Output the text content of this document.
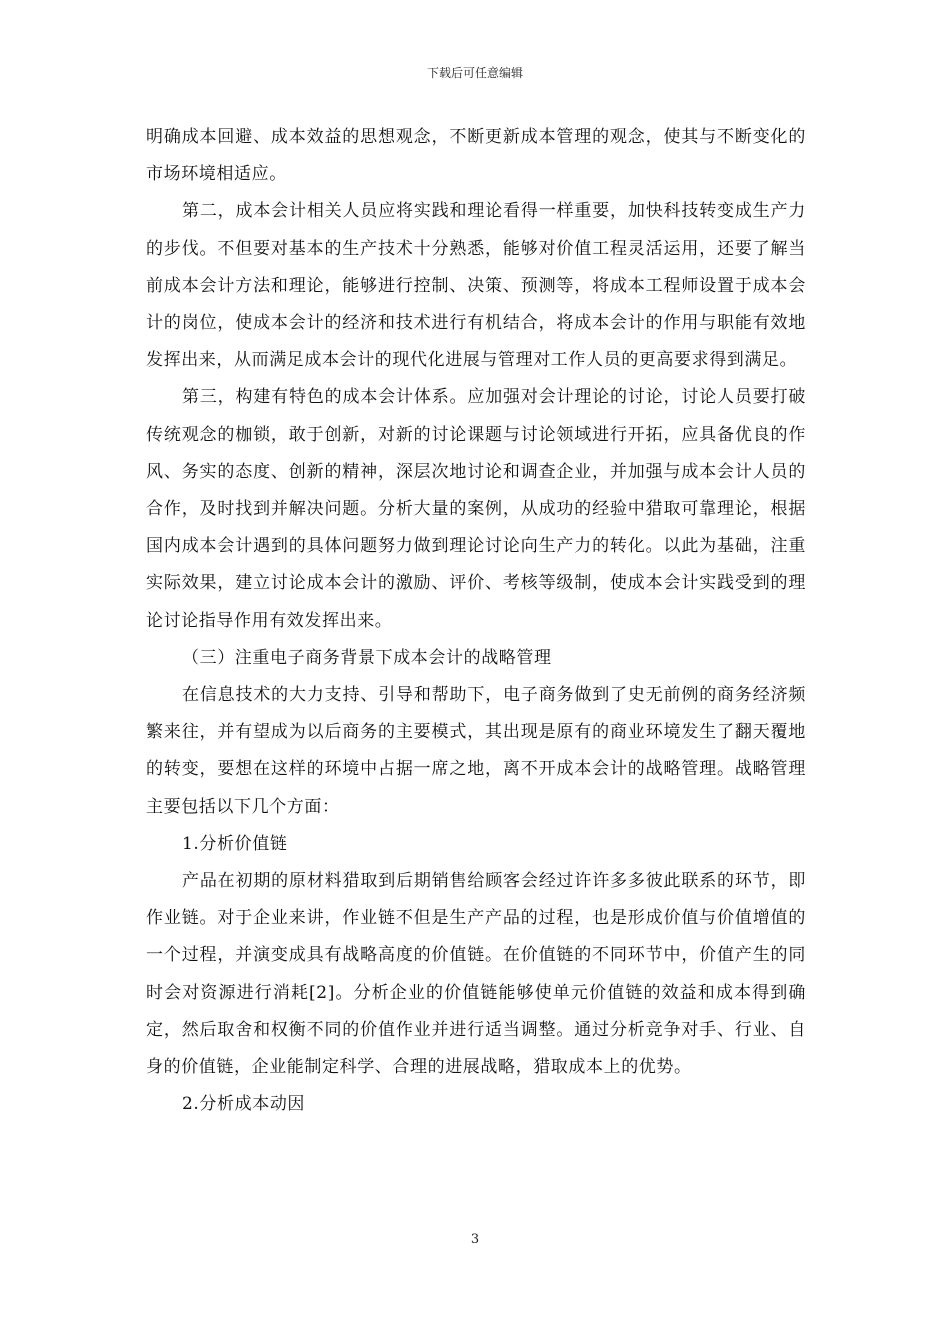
下载后可任意编辑

明确成本回避、成本效益的思想观念，不断更新成本管理的观念，使其与不断变化的市场环境相适应。

第二，成本会计相关人员应将实践和理论看得一样重要，加快科技转变成生产力的步伐。不但要对基本的生产技术十分熟悉，能够对价值工程灵活运用，还要了解当前成本会计方法和理论，能够进行控制、决策、预测等，将成本工程师设置于成本会计的岗位，使成本会计的经济和技术进行有机结合，将成本会计的作用与职能有效地发挥出来，从而满足成本会计的现代化进展与管理对工作人员的更高要求得到满足。

第三，构建有特色的成本会计体系。应加强对会计理论的讨论，讨论人员要打破传统观念的枷锁，敢于创新，对新的讨论课题与讨论领域进行开拓，应具备优良的作风、务实的态度、创新的精神，深层次地讨论和调查企业，并加强与成本会计人员的合作，及时找到并解决问题。分析大量的案例，从成功的经验中猎取可靠理论，根据国内成本会计遇到的具体问题努力做到理论讨论向生产力的转化。以此为基础，注重实际效果，建立讨论成本会计的激励、评价、考核等级制，使成本会计实践受到的理论讨论指导作用有效发挥出来。

（三）注重电子商务背景下成本会计的战略管理

在信息技术的大力支持、引导和帮助下，电子商务做到了史无前例的商务经济频繁来往，并有望成为以后商务的主要模式，其出现是原有的商业环境发生了翻天覆地的转变，要想在这样的环境中占据一席之地，离不开成本会计的战略管理。战略管理主要包括以下几个方面：

1.分析价值链

产品在初期的原材料猎取到后期销售给顾客会经过许许多多彼此联系的环节，即作业链。对于企业来讲，作业链不但是生产产品的过程，也是形成价值与价值增值的一个过程，并演变成具有战略高度的价值链。在价值链的不同环节中，价值产生的同时会对资源进行消耗[2]。分析企业的价值链能够使单元价值链的效益和成本得到确定，然后取舍和权衡不同的价值作业并进行适当调整。通过分析竞争对手、行业、自身的价值链，企业能制定科学、合理的进展战略，猎取成本上的优势。

2.分析成本动因

3
